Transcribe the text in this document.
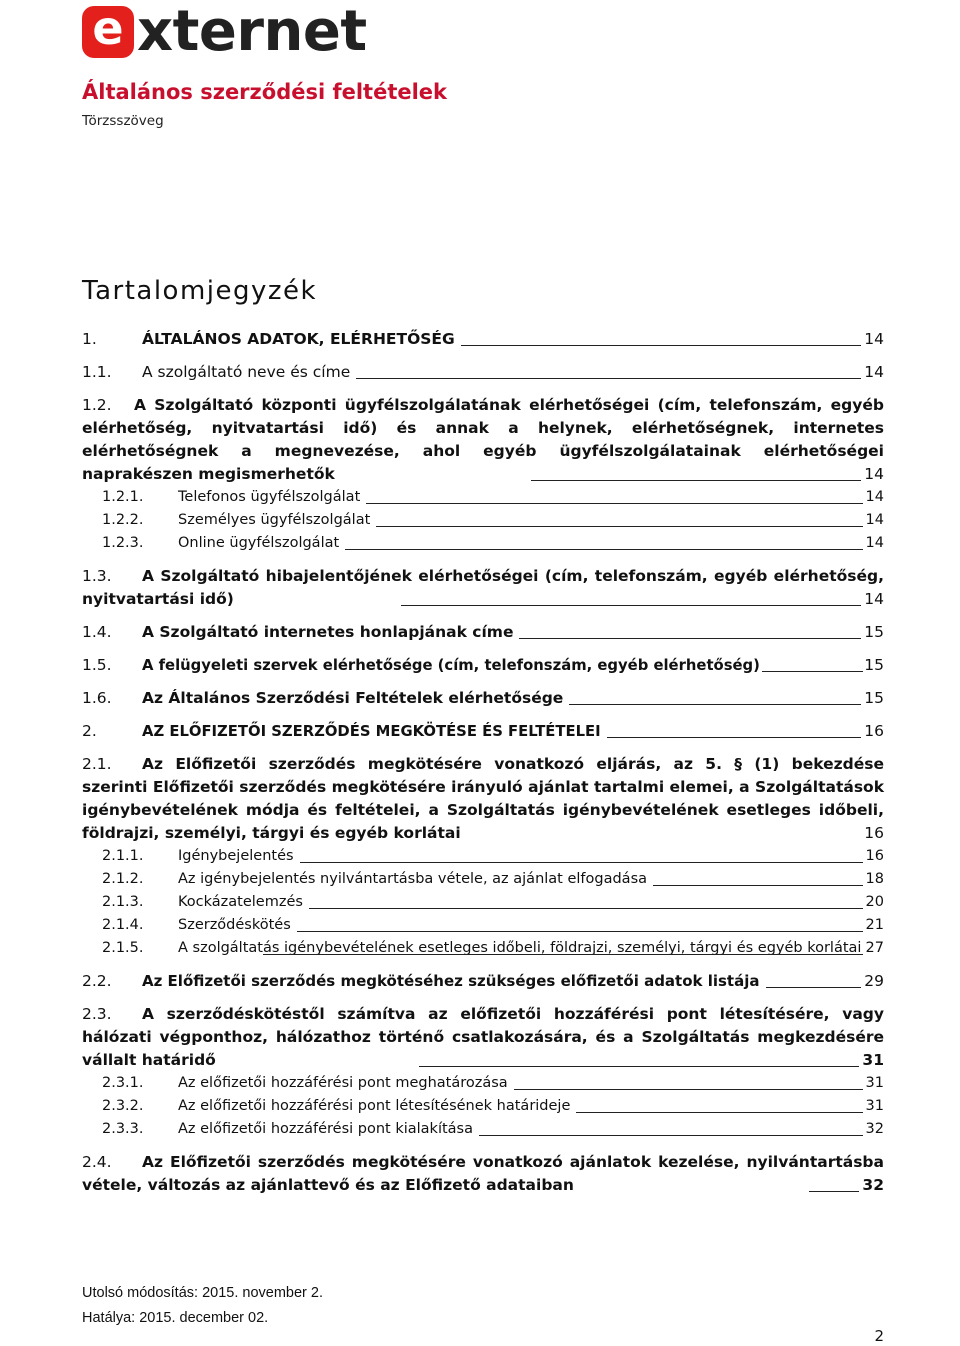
e xternet
Általános szerződési feltételek
Törzsszöveg
Tartalomjegyzék
1.	ÁLTALÁNOS ADATOK, ELÉRHETŐSÉG	14
1.1.	A szolgáltató neve és címe	14
1.2. A Szolgáltató központi ügyfélszolgálatának elérhetőségei (cím, telefonszám, egyéb elérhetőség, nyitvatartási idő) és annak a helynek, elérhetőségnek, internetes elérhetőségnek a megnevezése, ahol egyéb ügyfélszolgálatainak elérhetőségei naprakészen megismerhetők	14
1.2.1.	Telefonos ügyfélszolgálat	14
1.2.2.	Személyes ügyfélszolgálat	14
1.2.3.	Online ügyfélszolgálat	14
1.3. A Szolgáltató hibajelentőjének elérhetőségei (cím, telefonszám, egyéb elérhetőség, nyitvatartási idő)	14
1.4.	A Szolgáltató internetes honlapjának címe	15
1.5.	A felügyeleti szervek elérhetősége (cím, telefonszám, egyéb elérhetőség)	15
1.6.	Az Általános Szerződési Feltételek elérhetősége	15
2.	AZ ELŐFIZETŐI SZERZŐDÉS MEGKÖTÉSE ÉS FELTÉTELEI	16
2.1. Az Előfizetői szerződés megkötésére vonatkozó eljárás, az 5. § (1) bekezdése szerinti Előfizetői szerződés megkötésére irányuló ajánlat tartalmi elemei, a Szolgáltatások igénybevételének módja és feltételei, a Szolgáltatás igénybevételének esetleges időbeli, földrajzi, személyi, tárgyi és egyéb korlátai	16
2.1.1.	Igénybejelentés	16
2.1.2.	Az igénybejelentés nyilvántartásba vétele, az ajánlat elfogadása	18
2.1.3.	Kockázatelemzés	20
2.1.4.	Szerződéskötés	21
2.1.5. A szolgáltatás igénybevételének esetleges időbeli, földrajzi, személyi, tárgyi és egyéb korlátai 27
2.2.	Az Előfizetői szerződés megkötéséhez szükséges előfizetői adatok listája	29
2.3. A szerződéskötéstől számítva az előfizetői hozzáférési pont létesítésére, vagy hálózati végponthoz, hálózathoz történő csatlakozására, és a Szolgáltatás megkezdésére vállalt határidő	31
2.3.1.	Az előfizetői hozzáférési pont meghatározása	31
2.3.2.	Az előfizetői hozzáférési pont létesítésének határideje	31
2.3.3.	Az előfizetői hozzáférési pont kialakítása	32
2.4. Az Előfizetői szerződés megkötésére vonatkozó ajánlatok kezelése, nyilvántartásba vétele, változás az ajánlattevő és az Előfizető adataiban	32
Utolsó módosítás: 2015. november 2.
Hatálya: 2015. december 02.
2
